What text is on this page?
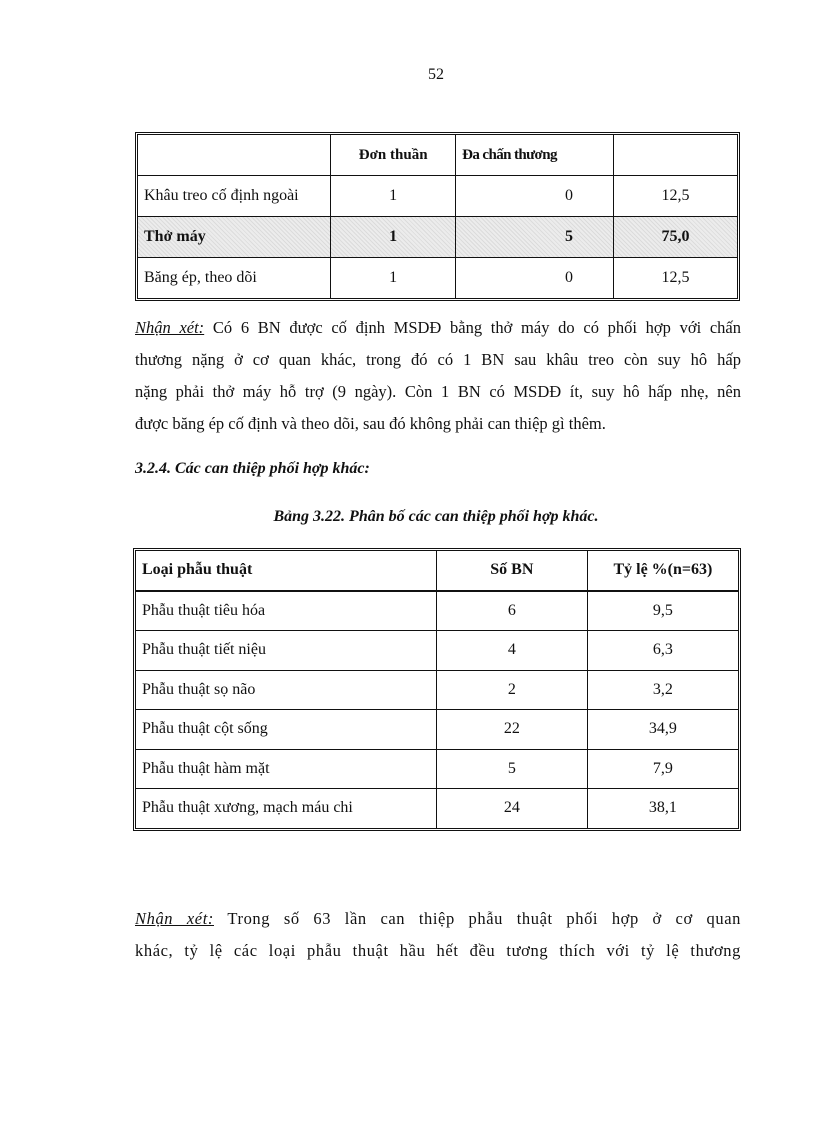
52
	Đơn thuần	Đa chấn thương	
Khâu treo cố định ngoài	1	0	12,5
Thở máy	1	5	75,0
Băng ép, theo dõi	1	0	12,5
Nhận xét: Có 6 BN được cố định MSDĐ bằng thở máy do có phối hợp với chấn
thương nặng ở cơ quan khác, trong đó có 1 BN sau khâu treo còn suy hô hấp
nặng phải thở máy hỗ trợ (9 ngày). Còn 1 BN có MSDĐ ít, suy hô hấp nhẹ, nên
được băng ép cố định và theo dõi, sau đó không phải can thiệp gì thêm.
3.2.4. Các can thiệp phối hợp khác:
Bảng 3.22. Phân bố các can thiệp phối hợp khác.
Loại phẫu thuật	Số BN	Tỷ lệ %(n=63)
Phẫu thuật tiêu hóa	6	9,5
Phẫu thuật tiết niệu	4	6,3
Phẫu thuật sọ não	2	3,2
Phẫu thuật cột sống	22	34,9
Phẫu thuật hàm mặt	5	7,9
Phẫu thuật xương, mạch máu chi	24	38,1
Nhận xét: Trong số 63 lần can thiệp phẫu thuật phối hợp ở cơ quan
khác, tỷ lệ các loại phẫu thuật hầu hết đều tương thích với tỷ lệ thương
